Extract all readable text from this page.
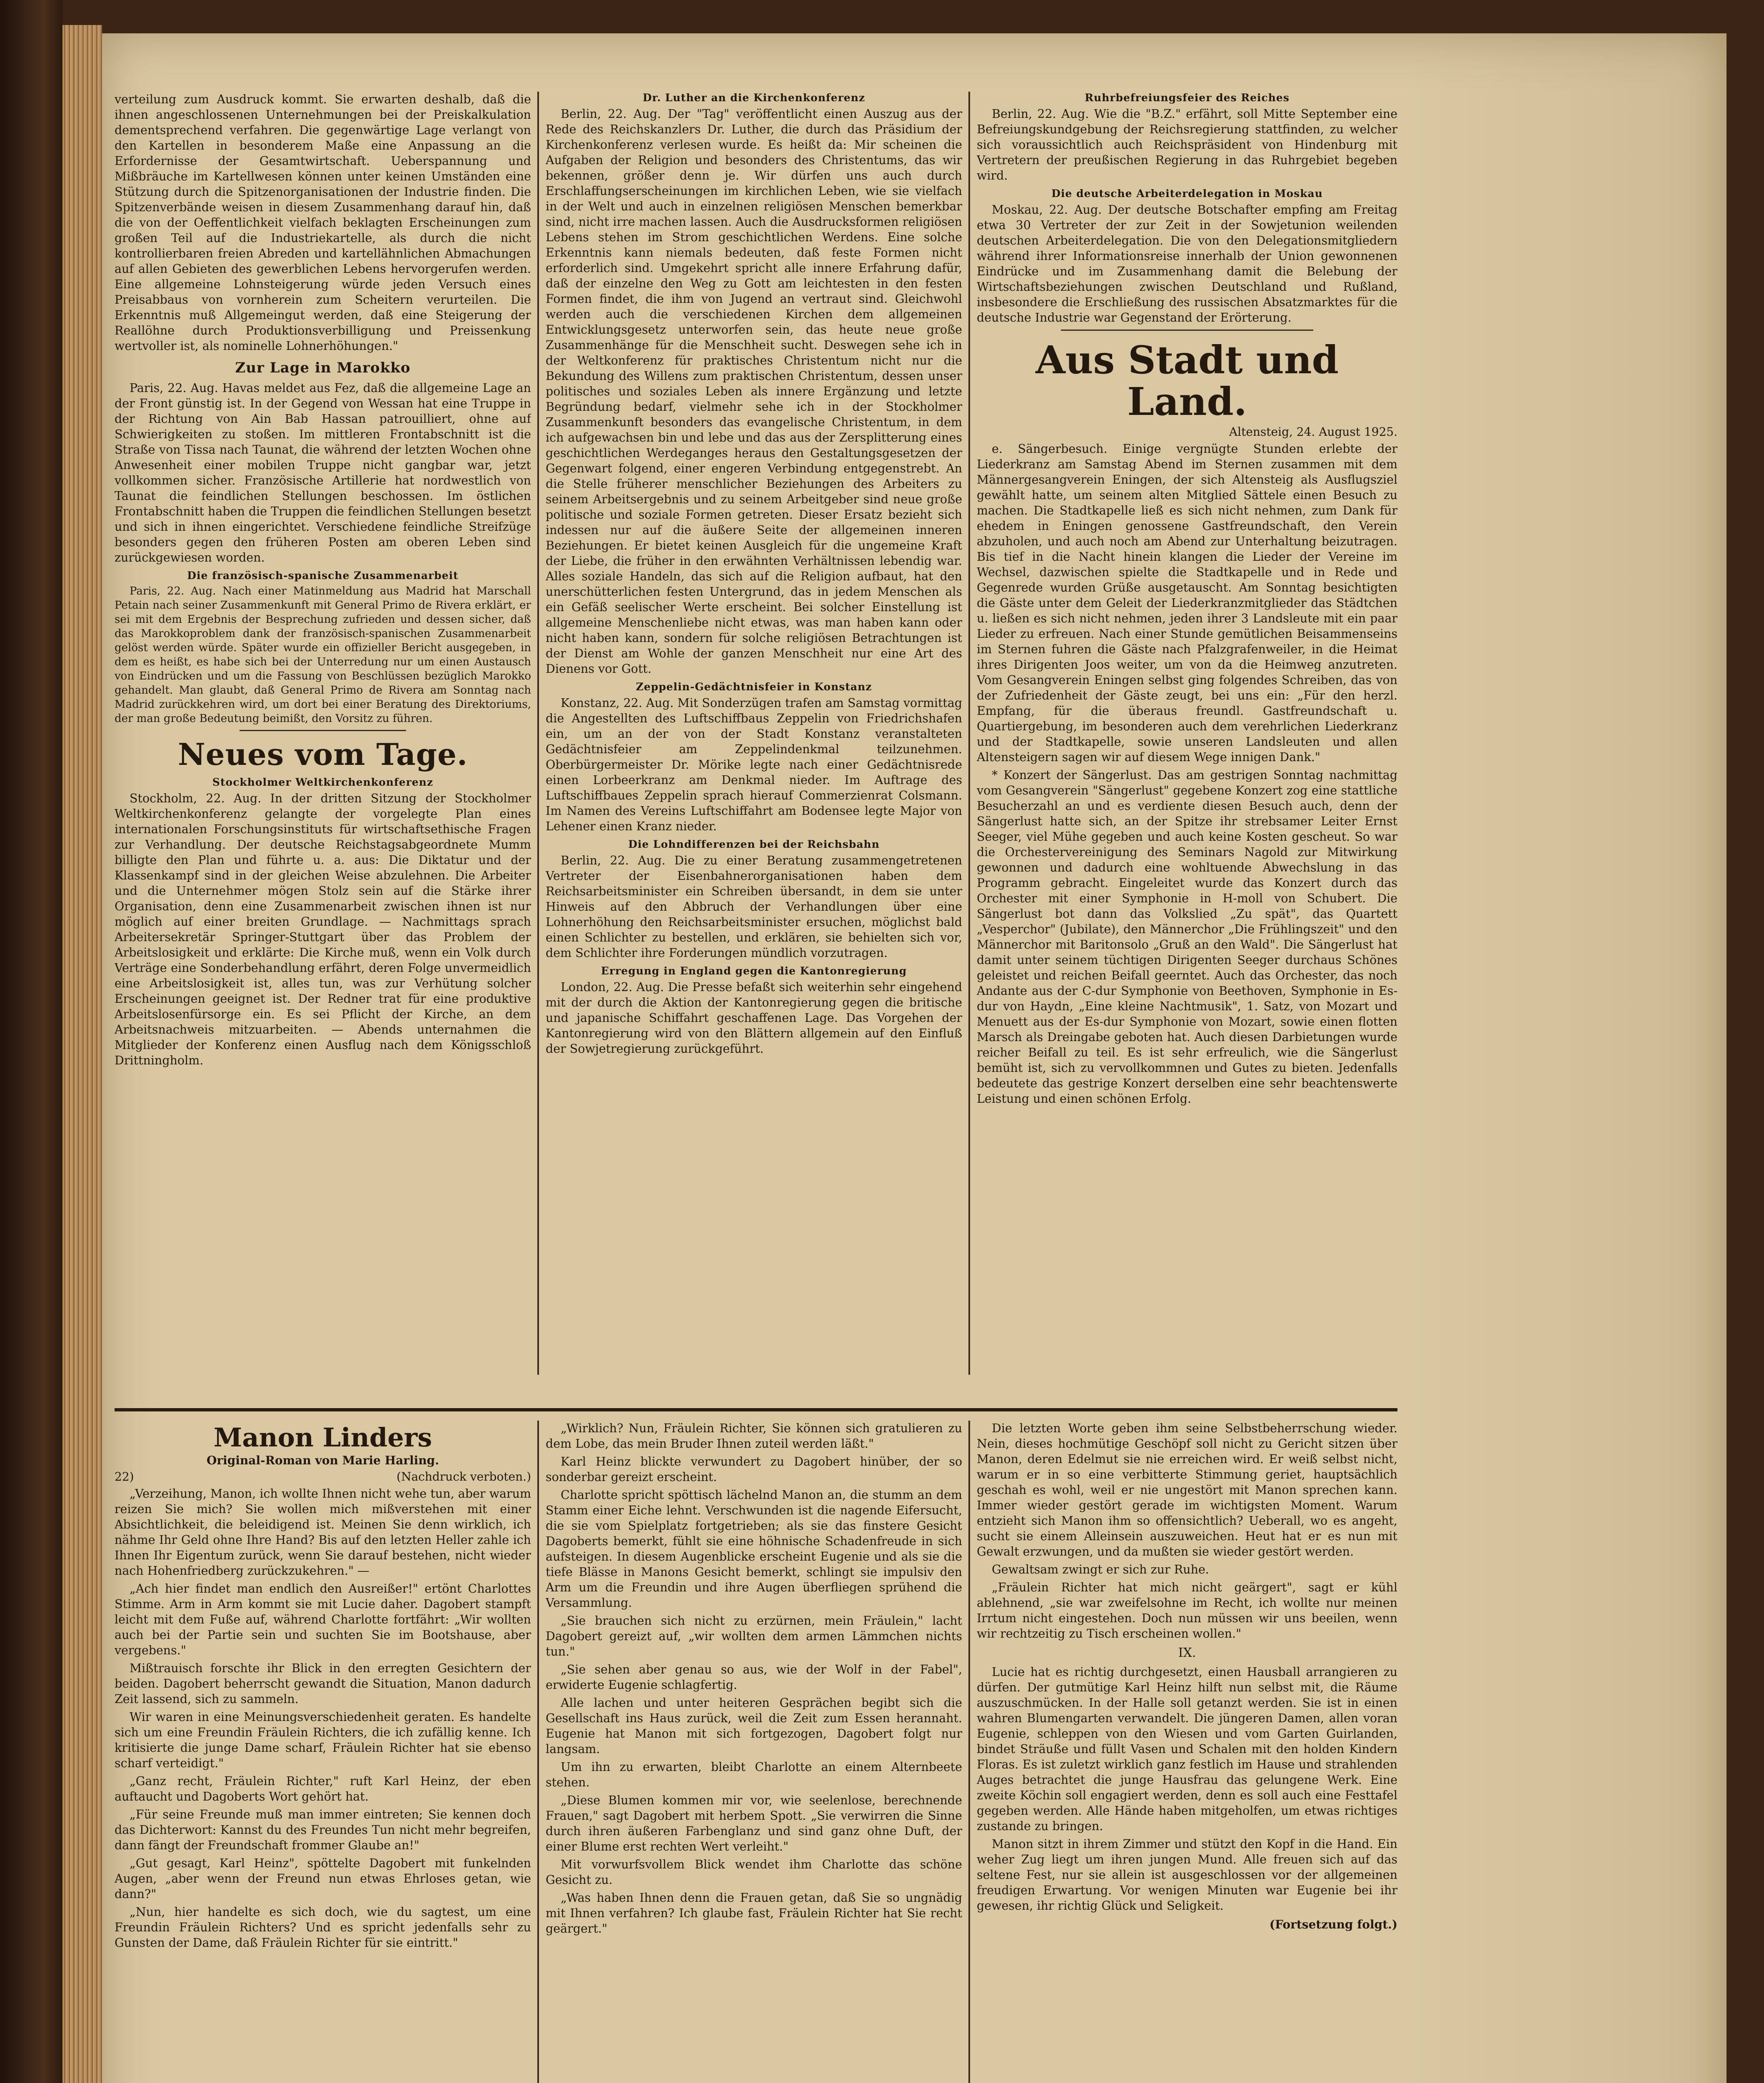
verteilung zum Ausdruck kommt. Sie erwarten deshalb, daß die ihnen angeschlossenen Unternehmungen bei der Preiskalkulation dementsprechend verfahren. Die gegenwärtige Lage verlangt von den Kartellen in besonderem Maße eine Anpassung an die Erfordernisse der Gesamtwirtschaft. Ueberspannung und Mißbräuche im Kartellwesen können unter keinen Umständen eine Stützung durch die Spitzenorganisationen der Industrie finden. Die Spitzenverbände weisen in diesem Zusammenhang darauf hin, daß die von der Oeffentlichkeit vielfach beklagten Erscheinungen zum großen Teil auf die Industriekartelle, als durch die nicht kontrollierbaren freien Abreden und kartellähnlichen Abmachungen auf allen Gebieten des gewerblichen Lebens hervorgerufen werden. Eine allgemeine Lohnsteigerung würde jeden Versuch eines Preisabbaus von vornherein zum Scheitern verurteilen. Die Erkenntnis muß Allgemeingut werden, daß eine Steigerung der Reallöhne durch Produktionsverbilligung und Preissenkung wertvoller ist, als nominelle Lohnerhöhungen."

Zur Lage in Marokko

Paris, 22. Aug. Havas meldet aus Fez, daß die allgemeine Lage an der Front günstig ist. In der Gegend von Wessan hat eine Truppe in der Richtung von Ain Bab Hassan patrouilliert, ohne auf Schwierigkeiten zu stoßen. Im mittleren Frontabschnitt ist die Straße von Tissa nach Taunat, die während der letzten Wochen ohne Anwesenheit einer mobilen Truppe nicht gangbar war, jetzt vollkommen sicher. Französische Artillerie hat nordwestlich von Taunat die feindlichen Stellungen beschossen. Im östlichen Frontabschnitt haben die Truppen die feindlichen Stellungen besetzt und sich in ihnen eingerichtet. Verschiedene feindliche Streifzüge besonders gegen den früheren Posten am oberen Leben sind zurückgewiesen worden.

Die französisch-spanische Zusammenarbeit

Paris, 22. Aug. Nach einer Matinmeldung aus Madrid hat Marschall Petain nach seiner Zusammenkunft mit General Primo de Rivera erklärt, er sei mit dem Ergebnis der Besprechung zufrieden und dessen sicher, daß das Marokkoproblem dank der französisch-spanischen Zusammenarbeit gelöst werden würde. Später wurde ein offizieller Bericht ausgegeben, in dem es heißt, es habe sich bei der Unterredung nur um einen Austausch von Eindrücken und um die Fassung von Beschlüssen bezüglich Marokko gehandelt. Man glaubt, daß General Primo de Rivera am Sonntag nach Madrid zurückkehren wird, um dort bei einer Beratung des Direktoriums, der man große Bedeutung beimißt, den Vorsitz zu führen.

Neues vom Tage.
Stockholmer Weltkirchenkonferenz

Stockholm, 22. Aug. In der dritten Sitzung der Stockholmer Weltkirchenkonferenz gelangte der vorgelegte Plan eines internationalen Forschungsinstituts für wirtschaftsethische Fragen zur Verhandlung. Der deutsche Reichstagsabgeordnete Mumm billigte den Plan und führte u. a. aus: Die Diktatur und der Klassenkampf sind in der gleichen Weise abzulehnen. Die Arbeiter und die Unternehmer mögen Stolz sein auf die Stärke ihrer Organisation, denn eine Zusammenarbeit zwischen ihnen ist nur möglich auf einer breiten Grundlage. — Nachmittags sprach Arbeitersekretär Springer-Stuttgart über das Problem der Arbeitslosigkeit und erklärte: Die Kirche muß, wenn ein Volk durch Verträge eine Sonderbehandlung erfährt, deren Folge unvermeidlich eine Arbeitslosigkeit ist, alles tun, was zur Verhütung solcher Erscheinungen geeignet ist. Der Redner trat für eine produktive Arbeitslosenfürsorge ein. Es sei Pflicht der Kirche, an dem Arbeitsnachweis mitzuarbeiten. — Abends unternahmen die Mitglieder der Konferenz einen Ausflug nach dem Königsschloß Drittningholm.

Dr. Luther an die Kirchenkonferenz

Berlin, 22. Aug. Der "Tag" veröffentlicht einen Auszug aus der Rede des Reichskanzlers Dr. Luther, die durch das Präsidium der Kirchenkonferenz verlesen wurde. Es heißt da: Mir scheinen die Aufgaben der Religion und besonders des Christentums, das wir bekennen, größer denn je. Wir dürfen uns auch durch Erschlaffungserscheinungen im kirchlichen Leben, wie sie vielfach in der Welt und auch in einzelnen religiösen Menschen bemerkbar sind, nicht irre machen lassen. Auch die Ausdrucksformen religiösen Lebens stehen im Strom geschichtlichen Werdens. Eine solche Erkenntnis kann niemals bedeuten, daß feste Formen nicht erforderlich sind. Umgekehrt spricht alle innere Erfahrung dafür, daß der einzelne den Weg zu Gott am leichtesten in den festen Formen findet, die ihm von Jugend an vertraut sind. Gleichwohl werden auch die verschiedenen Kirchen dem allgemeinen Entwicklungsgesetz unterworfen sein, das heute neue große Zusammenhänge für die Menschheit sucht. Deswegen sehe ich in der Weltkonferenz für praktisches Christentum nicht nur die Bekundung des Willens zum praktischen Christentum, dessen unser politisches und soziales Leben als innere Ergänzung und letzte Begründung bedarf, vielmehr sehe ich in der Stockholmer Zusammenkunft besonders das evangelische Christentum, in dem ich aufgewachsen bin und lebe und das aus der Zersplitterung eines geschichtlichen Werdeganges heraus den Gestaltungsgesetzen der Gegenwart folgend, einer engeren Verbindung entgegenstrebt. An die Stelle früherer menschlicher Beziehungen des Arbeiters zu seinem Arbeitsergebnis und zu seinem Arbeitgeber sind neue große politische und soziale Formen getreten. Dieser Ersatz bezieht sich indessen nur auf die äußere Seite der allgemeinen inneren Beziehungen. Er bietet keinen Ausgleich für die ungemeine Kraft der Liebe, die früher in den erwähnten Verhältnissen lebendig war. Alles soziale Handeln, das sich auf die Religion aufbaut, hat den unerschütterlichen festen Untergrund, das in jedem Menschen als ein Gefäß seelischer Werte erscheint. Bei solcher Einstellung ist allgemeine Menschenliebe nicht etwas, was man haben kann oder nicht haben kann, sondern für solche religiösen Betrachtungen ist der Dienst am Wohle der ganzen Menschheit nur eine Art des Dienens vor Gott.

Zeppelin-Gedächtnisfeier in Konstanz

Konstanz, 22. Aug. Mit Sonderzügen trafen am Samstag vormittag die Angestellten des Luftschiffbaus Zeppelin von Friedrichshafen ein, um an der von der Stadt Konstanz veranstalteten Gedächtnisfeier am Zeppelindenkmal teilzunehmen. Oberbürgermeister Dr. Mörike legte nach einer Gedächtnisrede einen Lorbeerkranz am Denkmal nieder. Im Auftrage des Luftschiffbaues Zeppelin sprach hierauf Commerzienrat Colsmann. Im Namen des Vereins Luftschiffahrt am Bodensee legte Major von Lehener einen Kranz nieder.

Die Lohndifferenzen bei der Reichsbahn

Berlin, 22. Aug. Die zu einer Beratung zusammengetretenen Vertreter der Eisenbahnerorganisationen haben dem Reichsarbeitsminister ein Schreiben übersandt, in dem sie unter Hinweis auf den Abbruch der Verhandlungen über eine Lohnerhöhung den Reichsarbeitsminister ersuchen, möglichst bald einen Schlichter zu bestellen, und erklären, sie behielten sich vor, dem Schlichter ihre Forderungen mündlich vorzutragen.

Erregung in England gegen die Kantonregierung

London, 22. Aug. Die Presse befaßt sich weiterhin sehr eingehend mit der durch die Aktion der Kantonregierung gegen die britische und japanische Schiffahrt geschaffenen Lage. Das Vorgehen der Kantonregierung wird von den Blättern allgemein auf den Einfluß der Sowjetregierung zurückgeführt.

Ruhrbefreiungsfeier des Reiches

Berlin, 22. Aug. Wie die "B.Z." erfährt, soll Mitte September eine Befreiungskundgebung der Reichsregierung stattfinden, zu welcher sich voraussichtlich auch Reichspräsident von Hindenburg mit Vertretern der preußischen Regierung in das Ruhrgebiet begeben wird.

Die deutsche Arbeiterdelegation in Moskau

Moskau, 22. Aug. Der deutsche Botschafter empfing am Freitag etwa 30 Vertreter der zur Zeit in der Sowjetunion weilenden deutschen Arbeiterdelegation. Die von den Delegationsmitgliedern während ihrer Informationsreise innerhalb der Union gewonnenen Eindrücke und im Zusammenhang damit die Belebung der Wirtschaftsbeziehungen zwischen Deutschland und Rußland, insbesondere die Erschließung des russischen Absatzmarktes für die deutsche Industrie war Gegenstand der Erörterung.

Aus Stadt und Land.
Altensteig, 24. August 1925.

e. Sängerbesuch. Einige vergnügte Stunden erlebte der Liederkranz am Samstag Abend im Sternen zusammen mit dem Männergesangverein Eningen, der sich Altensteig als Ausflugsziel gewählt hatte, um seinem alten Mitglied Sättele einen Besuch zu machen. Die Stadtkapelle ließ es sich nicht nehmen, zum Dank für ehedem in Eningen genossene Gastfreundschaft, den Verein abzuholen, und auch noch am Abend zur Unterhaltung beizutragen. Bis tief in die Nacht hinein klangen die Lieder der Vereine im Wechsel, dazwischen spielte die Stadtkapelle und in Rede und Gegenrede wurden Grüße ausgetauscht. Am Sonntag besichtigten die Gäste unter dem Geleit der Liederkranzmitglieder das Städtchen u. ließen es sich nicht nehmen, jeden ihrer 3 Landsleute mit ein paar Lieder zu erfreuen. Nach einer Stunde gemütlichen Beisammenseins im Sternen fuhren die Gäste nach Pfalzgrafenweiler, in die Heimat ihres Dirigenten Joos weiter, um von da die Heimweg anzutreten. Vom Gesangverein Eningen selbst ging folgendes Schreiben, das von der Zufriedenheit der Gäste zeugt, bei uns ein: „Für den herzl. Empfang, für die überaus freundl. Gastfreundschaft u. Quartiergebung, im besonderen auch dem verehrlichen Liederkranz und der Stadtkapelle, sowie unseren Landsleuten und allen Altensteigern sagen wir auf diesem Wege innigen Dank."

* Konzert der Sängerlust. Das am gestrigen Sonntag nachmittag vom Gesangverein "Sängerlust" gegebene Konzert zog eine stattliche Besucherzahl an und es verdiente diesen Besuch auch, denn der Sängerlust hatte sich, an der Spitze ihr strebsamer Leiter Ernst Seeger, viel Mühe gegeben und auch keine Kosten gescheut. So war die Orchestervereinigung des Seminars Nagold zur Mitwirkung gewonnen und dadurch eine wohltuende Abwechslung in das Programm gebracht. Eingeleitet wurde das Konzert durch das Orchester mit einer Symphonie in H-moll von Schubert. Die Sängerlust bot dann das Volkslied „Zu spät", das Quartett „Vesperchor" (Jubilate), den Männerchor „Die Frühlingszeit" und den Männerchor mit Baritonsolo „Gruß an den Wald". Die Sängerlust hat damit unter seinem tüchtigen Dirigenten Seeger durchaus Schönes geleistet und reichen Beifall geerntet. Auch das Orchester, das noch Andante aus der C-dur Symphonie von Beethoven, Symphonie in Es-dur von Haydn, „Eine kleine Nachtmusik", 1. Satz, von Mozart und Menuett aus der Es-dur Symphonie von Mozart, sowie einen flotten Marsch als Dreingabe geboten hat. Auch diesen Darbietungen wurde reicher Beifall zu teil. Es ist sehr erfreulich, wie die Sängerlust bemüht ist, sich zu vervollkommnen und Gutes zu bieten. Jedenfalls bedeutete das gestrige Konzert derselben eine sehr beachtenswerte Leistung und einen schönen Erfolg.

Manon Linders
Original-Roman von Marie Harling.
22)	(Nachdruck verboten.)

„Verzeihung, Manon, ich wollte Ihnen nicht wehe tun, aber warum reizen Sie mich? Sie wollen mich mißverstehen mit einer Absichtlichkeit, die beleidigend ist. Meinen Sie denn wirklich, ich nähme Ihr Geld ohne Ihre Hand? Bis auf den letzten Heller zahle ich Ihnen Ihr Eigentum zurück, wenn Sie darauf bestehen, nicht wieder nach Hohenfriedberg zurückzukehren." —

„Ach hier findet man endlich den Ausreißer!" ertönt Charlottes Stimme. Arm in Arm kommt sie mit Lucie daher. Dagobert stampft leicht mit dem Fuße auf, während Charlotte fortfährt: „Wir wollten auch bei der Partie sein und suchten Sie im Bootshause, aber vergebens."

Mißtrauisch forschte ihr Blick in den erregten Gesichtern der beiden. Dagobert beherrscht gewandt die Situation, Manon dadurch Zeit lassend, sich zu sammeln.

Wir waren in eine Meinungsverschiedenheit geraten. Es handelte sich um eine Freundin Fräulein Richters, die ich zufällig kenne. Ich kritisierte die junge Dame scharf, Fräulein Richter hat sie ebenso scharf verteidigt."

„Ganz recht, Fräulein Richter," ruft Karl Heinz, der eben auftaucht und Dagoberts Wort gehört hat.

„Für seine Freunde muß man immer eintreten; Sie kennen doch das Dichterwort: Kannst du des Freundes Tun nicht mehr begreifen, dann fängt der Freundschaft frommer Glaube an!"

„Gut gesagt, Karl Heinz", spöttelte Dagobert mit funkelnden Augen, „aber wenn der Freund nun etwas Ehrloses getan, wie dann?"

„Nun, hier handelte es sich doch, wie du sagtest, um eine Freundin Fräulein Richters? Und es spricht jedenfalls sehr zu Gunsten der Dame, daß Fräulein Richter für sie eintritt."

„Wirklich? Nun, Fräulein Richter, Sie können sich gratulieren zu dem Lobe, das mein Bruder Ihnen zuteil werden läßt."

Karl Heinz blickte verwundert zu Dagobert hinüber, der so sonderbar gereizt erscheint.

Charlotte spricht spöttisch lächelnd Manon an, die stumm an dem Stamm einer Eiche lehnt. Verschwunden ist die nagende Eifersucht, die sie vom Spielplatz fortgetrieben; als sie das finstere Gesicht Dagoberts bemerkt, fühlt sie eine höhnische Schadenfreude in sich aufsteigen. In diesem Augenblicke erscheint Eugenie und als sie die tiefe Blässe in Manons Gesicht bemerkt, schlingt sie impulsiv den Arm um die Freundin und ihre Augen überfliegen sprühend die Versammlung.

„Sie brauchen sich nicht zu erzürnen, mein Fräulein," lacht Dagobert gereizt auf, „wir wollten dem armen Lämmchen nichts tun."

„Sie sehen aber genau so aus, wie der Wolf in der Fabel", erwiderte Eugenie schlagfertig.

Alle lachen und unter heiteren Gesprächen begibt sich die Gesellschaft ins Haus zurück, weil die Zeit zum Essen herannaht. Eugenie hat Manon mit sich fortgezogen, Dagobert folgt nur langsam.

Um ihn zu erwarten, bleibt Charlotte an einem Alternbeete stehen.

„Diese Blumen kommen mir vor, wie seelenlose, berechnende Frauen," sagt Dagobert mit herbem Spott. „Sie verwirren die Sinne durch ihren äußeren Farbenglanz und sind ganz ohne Duft, der einer Blume erst rechten Wert verleiht."

Mit vorwurfsvollem Blick wendet ihm Charlotte das schöne Gesicht zu.

„Was haben Ihnen denn die Frauen getan, daß Sie so ungnädig mit Ihnen verfahren? Ich glaube fast, Fräulein Richter hat Sie recht geärgert."

Die letzten Worte geben ihm seine Selbstbeherrschung wieder. Nein, dieses hochmütige Geschöpf soll nicht zu Gericht sitzen über Manon, deren Edelmut sie nie erreichen wird. Er weiß selbst nicht, warum er in so eine verbitterte Stimmung geriet, hauptsächlich geschah es wohl, weil er nie ungestört mit Manon sprechen kann. Immer wieder gestört gerade im wichtigsten Moment. Warum entzieht sich Manon ihm so offensichtlich? Ueberall, wo es angeht, sucht sie einem Alleinsein auszuweichen. Heut hat er es nun mit Gewalt erzwungen, und da mußten sie wieder gestört werden.

Gewaltsam zwingt er sich zur Ruhe.

„Fräulein Richter hat mich nicht geärgert", sagt er kühl ablehnend, „sie war zweifelsohne im Recht, ich wollte nur meinen Irrtum nicht eingestehen. Doch nun müssen wir uns beeilen, wenn wir rechtzeitig zu Tisch erscheinen wollen."

IX.

Lucie hat es richtig durchgesetzt, einen Hausball arrangieren zu dürfen. Der gutmütige Karl Heinz hilft nun selbst mit, die Räume auszuschmücken. In der Halle soll getanzt werden. Sie ist in einen wahren Blumengarten verwandelt. Die jüngeren Damen, allen voran Eugenie, schleppen von den Wiesen und vom Garten Guirlanden, bindet Sträuße und füllt Vasen und Schalen mit den holden Kindern Floras. Es ist zuletzt wirklich ganz festlich im Hause und strahlenden Auges betrachtet die junge Hausfrau das gelungene Werk. Eine zweite Köchin soll engagiert werden, denn es soll auch eine Festtafel gegeben werden. Alle Hände haben mitgeholfen, um etwas richtiges zustande zu bringen.

Manon sitzt in ihrem Zimmer und stützt den Kopf in die Hand. Ein weher Zug liegt um ihren jungen Mund. Alle freuen sich auf das seltene Fest, nur sie allein ist ausgeschlossen vor der allgemeinen freudigen Erwartung. Vor wenigen Minuten war Eugenie bei ihr gewesen, ihr richtig Glück und Seligkeit.

(Fortsetzung folgt.)
